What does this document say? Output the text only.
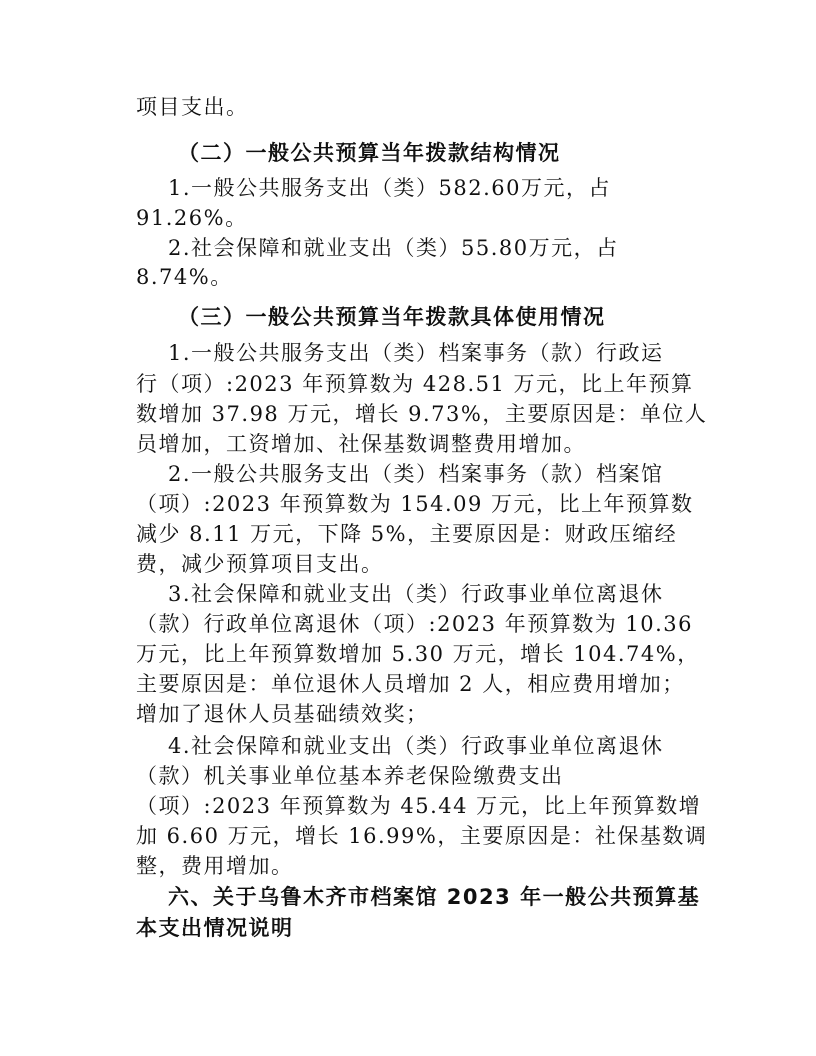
项目支出。
（二）一般公共预算当年拨款结构情况
1.一般公共服务支出（类）582.60万元，占
91.26%。
2.社会保障和就业支出（类）55.80万元，占
8.74%。
（三）一般公共预算当年拨款具体使用情况
1.一般公共服务支出（类）档案事务（款）行政运
行（项）:2023 年预算数为 428.51 万元，比上年预算
数增加 37.98 万元，增长 9.73%，主要原因是：单位人
员增加，工资增加、社保基数调整费用增加。
2.一般公共服务支出（类）档案事务（款）档案馆
（项）:2023 年预算数为 154.09 万元，比上年预算数
减少 8.11 万元，下降 5%，主要原因是：财政压缩经
费，减少预算项目支出。
3.社会保障和就业支出（类）行政事业单位离退休
（款）行政单位离退休（项）:2023 年预算数为 10.36
万元，比上年预算数增加 5.30 万元，增长 104.74%，
主要原因是：单位退休人员增加 2 人，相应费用增加；
增加了退休人员基础绩效奖；
4.社会保障和就业支出（类）行政事业单位离退休
（款）机关事业单位基本养老保险缴费支出
（项）:2023 年预算数为 45.44 万元，比上年预算数增
加 6.60 万元，增长 16.99%，主要原因是：社保基数调
整，费用增加。
六、关于乌鲁木齐市档案馆 2023 年一般公共预算基
本支出情况说明
